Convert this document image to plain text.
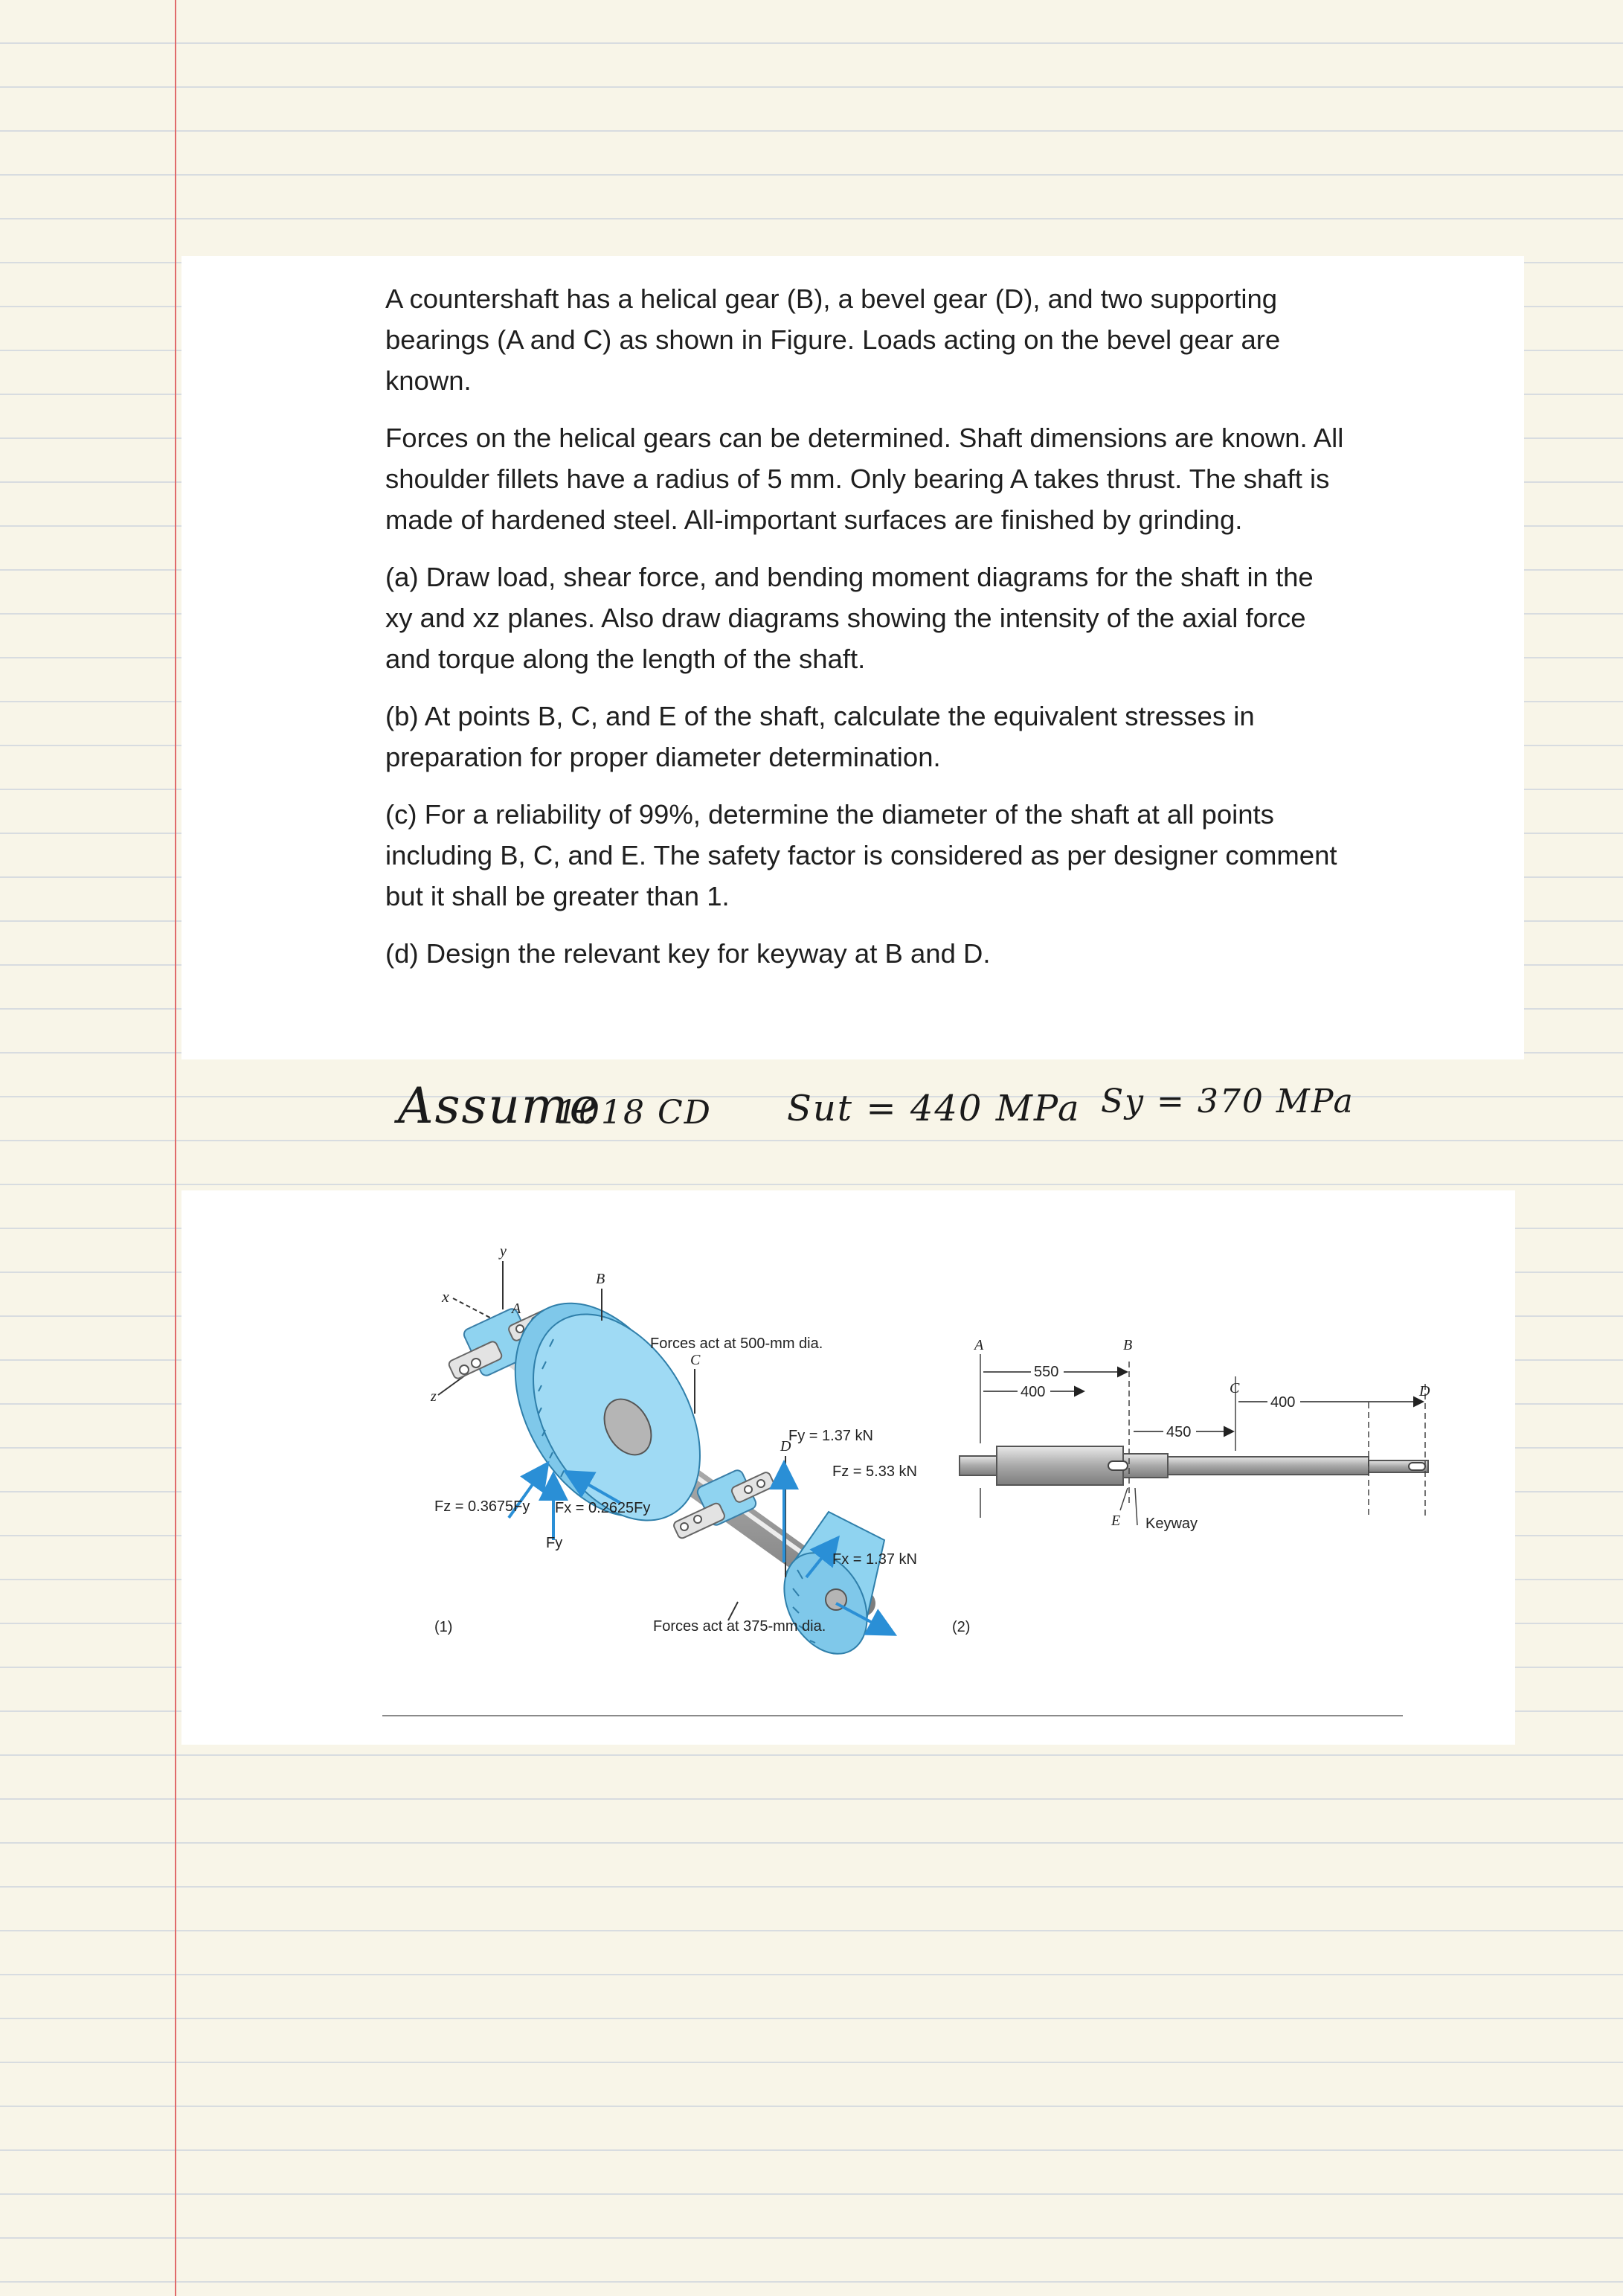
A countershaft has a helical gear (B), a bevel gear (D), and two supporting bearings (A and C) as shown in Figure. Loads acting on the bevel gear are known.

Forces on the helical gears can be determined. Shaft dimensions are known. All shoulder fillets have a radius of 5 mm. Only bearing A takes thrust. The shaft is made of hardened steel. All-important surfaces are finished by grinding.

(a) Draw load, shear force, and bending moment diagrams for the shaft in the xy and xz planes. Also draw diagrams showing the intensity of the axial force and torque along the length of the shaft.

(b) At points B, C, and E of the shaft, calculate the equivalent stresses in preparation for proper diameter determination.

(c) For a reliability of 99%, determine the diameter of the shaft at all points including B, C, and E. The safety factor is considered as per designer comment but it shall be greater than 1.

(d) Design the relevant key for keyway at B and D.

Assume
1018 CD Sut = 440 MPa Sy = 370 MPa
y
x
z
A
B
C
D
Forces act at 500-mm dia.
Fy = 1.37 kN
Fz = 5.33 kN
Fx = 1.37 kN
Fz = 0.3675Fy Fx = 0.2625Fy
Fy
Forces act at 375-mm dia.
(1)
550
400
450
400
A	B
C	D
E Keyway
(2)
